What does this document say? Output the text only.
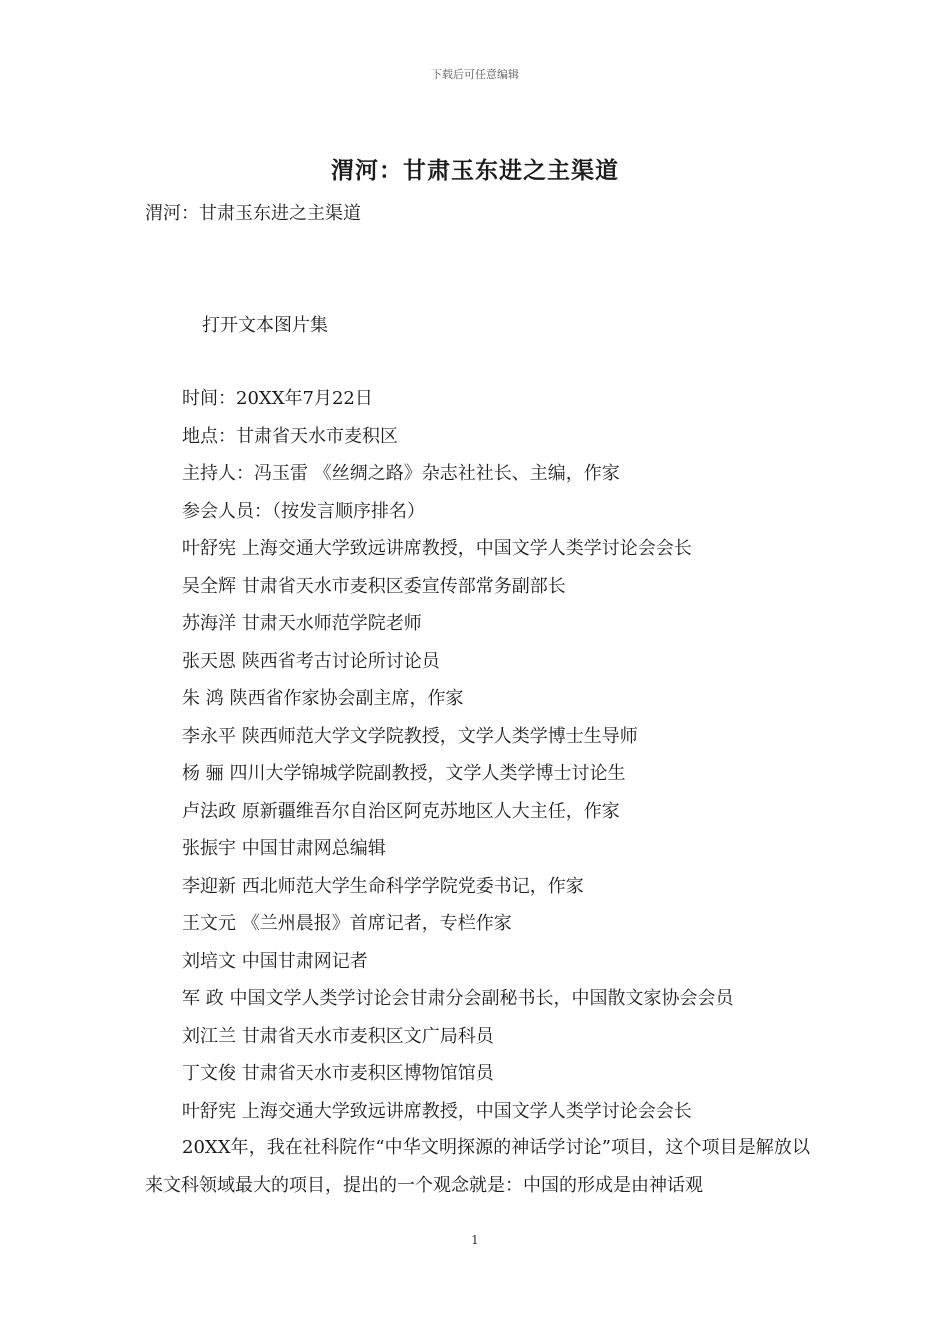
下载后可任意编辑
渭河：甘肃玉东进之主渠道
渭河：甘肃玉东进之主渠道
打开文本图片集
时间：20XX年7月22日
地点：甘肃省天水市麦积区
主持人：冯玉雷 《丝绸之路》杂志社社长、主编，作家
参会人员：（按发言顺序排名）
叶舒宪 上海交通大学致远讲席教授，中国文学人类学讨论会会长
吴全辉 甘肃省天水市麦积区委宣传部常务副部长
苏海洋 甘肃天水师范学院老师
张天恩 陕西省考古讨论所讨论员
朱 鸿 陕西省作家协会副主席，作家
李永平 陕西师范大学文学院教授，文学人类学博士生导师
杨 骊 四川大学锦城学院副教授，文学人类学博士讨论生
卢法政 原新疆维吾尔自治区阿克苏地区人大主任，作家
张振宇 中国甘肃网总编辑
李迎新 西北师范大学生命科学学院党委书记，作家
王文元 《兰州晨报》首席记者，专栏作家
刘培文 中国甘肃网记者
军 政 中国文学人类学讨论会甘肃分会副秘书长，中国散文家协会会员
刘江兰 甘肃省天水市麦积区文广局科员
丁文俊 甘肃省天水市麦积区博物馆馆员
叶舒宪 上海交通大学致远讲席教授，中国文学人类学讨论会会长

20XX年，我在社科院作“中华文明探源的神话学讨论”项目，这个项目是解放以来文科领域最大的项目，提出的一个观念就是：中国的形成是由神话观

1
